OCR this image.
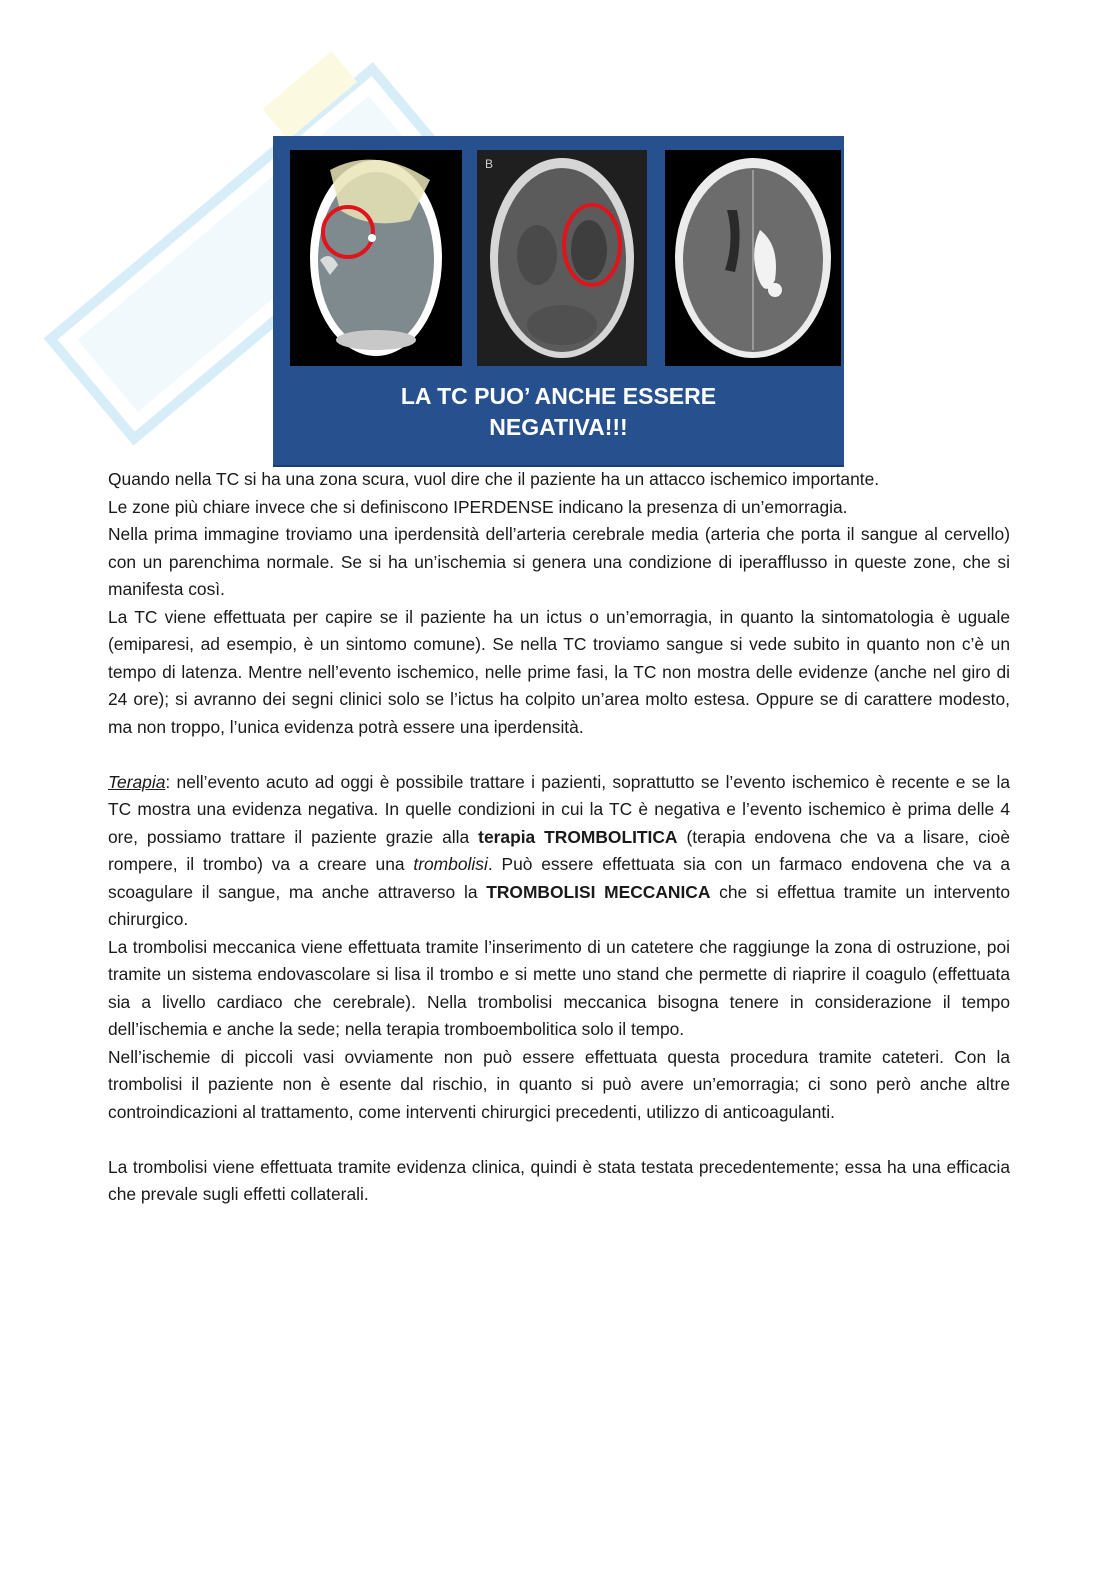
B
LA TC PUO’ ANCHE ESSERE
NEGATIVA!!!

Quando nella TC si ha una zona scura, vuol dire che il paziente ha un attacco ischemico importante.

Le zone più chiare invece che si definiscono IPERDENSE indicano la presenza di un’emorragia.

Nella prima immagine troviamo una iperdensità dell’arteria cerebrale media (arteria che porta il sangue al cervello) con un parenchima normale. Se si ha un’ischemia si genera una condizione di iperafflusso in queste zone, che si manifesta così.

La TC viene effettuata per capire se il paziente ha un ictus o un’emorragia, in quanto la sintomatologia è uguale (emiparesi, ad esempio, è un sintomo comune). Se nella TC troviamo sangue si vede subito in quanto non c’è un tempo di latenza. Mentre nell’evento ischemico, nelle prime fasi, la TC non mostra delle evidenze (anche nel giro di 24 ore); si avranno dei segni clinici solo se l’ictus ha colpito un’area molto estesa. Oppure se di carattere modesto, ma non troppo, l’unica evidenza potrà essere una iperdensità.

Terapia: nell’evento acuto ad oggi è possibile trattare i pazienti, soprattutto se l’evento ischemico è recente e se la TC mostra una evidenza negativa. In quelle condizioni in cui la TC è negativa e l’evento ischemico è prima delle 4 ore, possiamo trattare il paziente grazie alla terapia TROMBOLITICA (terapia endovena che va a lisare, cioè rompere, il trombo) va a creare una trombolisi. Può essere effettuata sia con un farmaco endovena che va a scoagulare il sangue, ma anche attraverso la TROMBOLISI MECCANICA che si effettua tramite un intervento chirurgico.

La trombolisi meccanica viene effettuata tramite l’inserimento di un catetere che raggiunge la zona di ostruzione, poi tramite un sistema endovascolare si lisa il trombo e si mette uno stand che permette di riaprire il coagulo (effettuata sia a livello cardiaco che cerebrale). Nella trombolisi meccanica bisogna tenere in considerazione il tempo dell’ischemia e anche la sede; nella terapia tromboembolitica solo il tempo.

Nell’ischemie di piccoli vasi ovviamente non può essere effettuata questa procedura tramite cateteri. Con la trombolisi il paziente non è esente dal rischio, in quanto si può avere un’emorragia; ci sono però anche altre controindicazioni al trattamento, come interventi chirurgici precedenti, utilizzo di anticoagulanti.

La trombolisi viene effettuata tramite evidenza clinica, quindi è stata testata precedentemente; essa ha una efficacia che prevale sugli effetti collaterali.
